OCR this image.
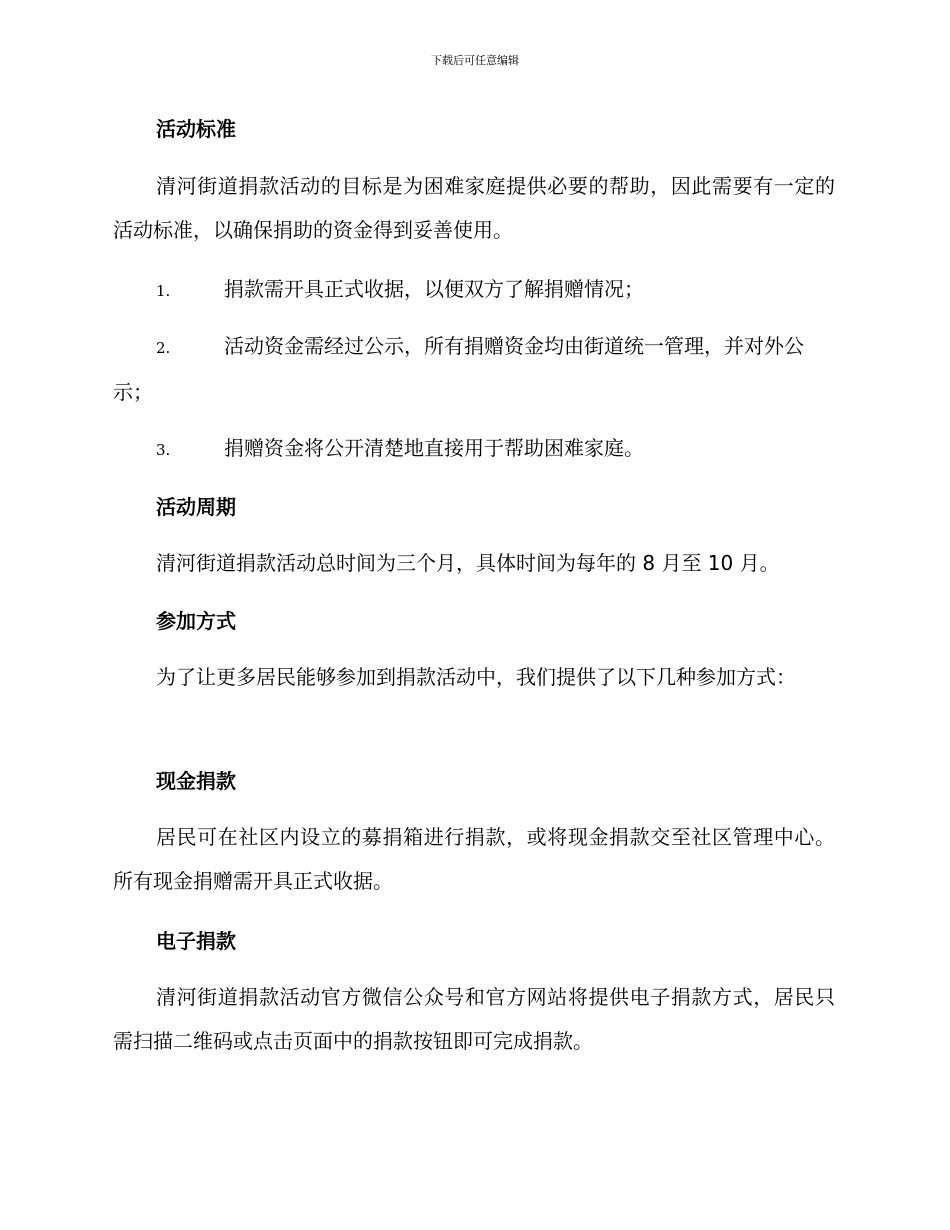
下载后可任意编辑
活动标准
清河街道捐款活动的目标是为困难家庭提供必要的帮助，因此需要有一定的活动标准，以确保捐助的资金得到妥善使用。
1.	捐款需开具正式收据，以便双方了解捐赠情况；
2.	活动资金需经过公示，所有捐赠资金均由街道统一管理，并对外公示；
3.	捐赠资金将公开清楚地直接用于帮助困难家庭。
活动周期
清河街道捐款活动总时间为三个月，具体时间为每年的 8 月至 10 月。
参加方式
为了让更多居民能够参加到捐款活动中，我们提供了以下几种参加方式：
现金捐款
居民可在社区内设立的募捐箱进行捐款，或将现金捐款交至社区管理中心。所有现金捐赠需开具正式收据。
电子捐款
清河街道捐款活动官方微信公众号和官方网站将提供电子捐款方式，居民只需扫描二维码或点击页面中的捐款按钮即可完成捐款。
